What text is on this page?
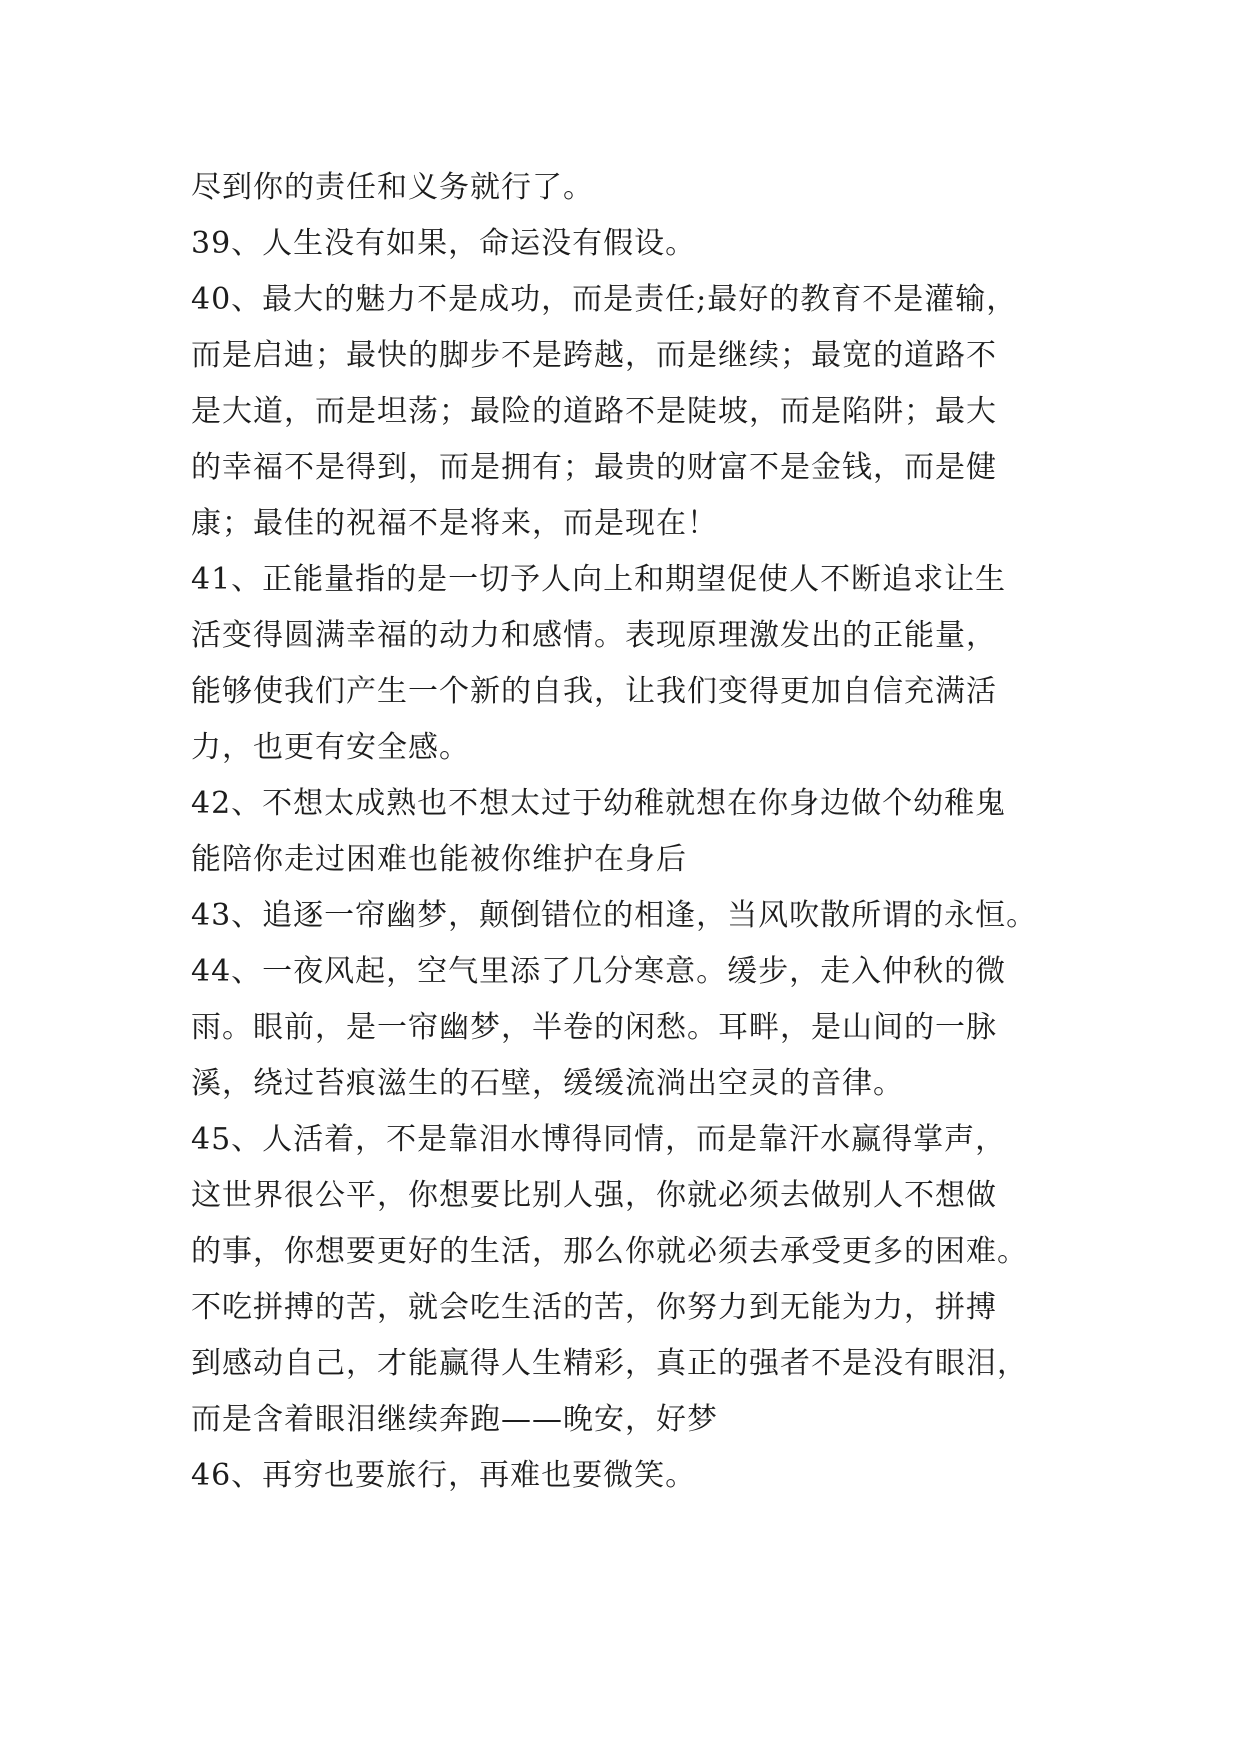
尽到你的责任和义务就行了。
39、人生没有如果，命运没有假设。
40、最大的魅力不是成功，而是责任;最好的教育不是灌输，
而是启迪；最快的脚步不是跨越，而是继续；最宽的道路不
是大道，而是坦荡；最险的道路不是陡坡，而是陷阱；最大
的幸福不是得到，而是拥有；最贵的财富不是金钱，而是健
康；最佳的祝福不是将来，而是现在！
41、正能量指的是一切予人向上和期望促使人不断追求让生
活变得圆满幸福的动力和感情。表现原理激发出的正能量，
能够使我们产生一个新的自我，让我们变得更加自信充满活
力，也更有安全感。
42、不想太成熟也不想太过于幼稚就想在你身边做个幼稚鬼
能陪你走过困难也能被你维护在身后
43、追逐一帘幽梦，颠倒错位的相逢，当风吹散所谓的永恒。
44、一夜风起，空气里添了几分寒意。缓步，走入仲秋的微
雨。眼前，是一帘幽梦，半卷的闲愁。耳畔，是山间的一脉
溪，绕过苔痕滋生的石壁，缓缓流淌出空灵的音律。
45、人活着，不是靠泪水博得同情，而是靠汗水赢得掌声，
这世界很公平，你想要比别人强，你就必须去做别人不想做
的事，你想要更好的生活，那么你就必须去承受更多的困难。
不吃拼搏的苦，就会吃生活的苦，你努力到无能为力，拼搏
到感动自己，才能赢得人生精彩，真正的强者不是没有眼泪，
而是含着眼泪继续奔跑——晚安，好梦
46、再穷也要旅行，再难也要微笑。
